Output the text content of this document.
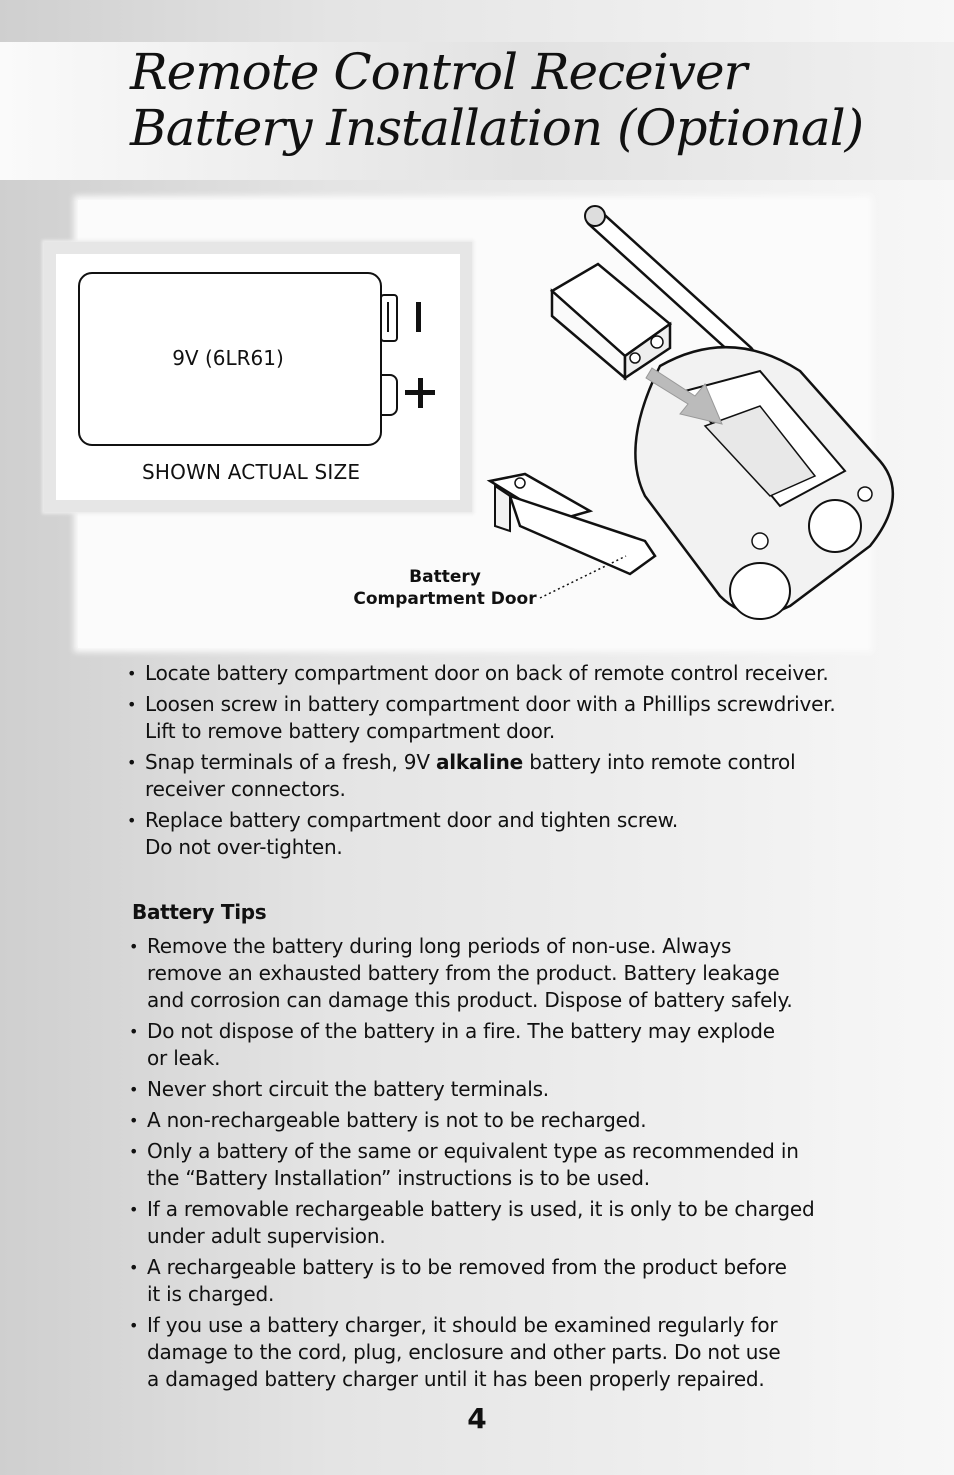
Remote Control Receiver
Battery Installation (Optional)
9V (6LR61)
SHOWN ACTUAL SIZE
Battery
Compartment Door
• Locate battery compartment door on back of remote control receiver.
• Loosen screw in battery compartment door with a Phillips screwdriver.
Lift to remove battery compartment door.
• Snap terminals of a fresh, 9V alkaline battery into remote control
receiver connectors.
• Replace battery compartment door and tighten screw.
Do not over-tighten.
Battery Tips
• Remove the battery during long periods of non-use. Always
remove an exhausted battery from the product. Battery leakage
and corrosion can damage this product. Dispose of battery safely.
• Do not dispose of the battery in a fire. The battery may explode
or leak.
• Never short circuit the battery terminals.
• A non-rechargeable battery is not to be recharged.
• Only a battery of the same or equivalent type as recommended in
the “Battery Installation” instructions is to be used.
• If a removable rechargeable battery is used, it is only to be charged
under adult supervision.
• A rechargeable battery is to be removed from the product before
it is charged.
• If you use a battery charger, it should be examined regularly for
damage to the cord, plug, enclosure and other parts. Do not use
a damaged battery charger until it has been properly repaired.
4
